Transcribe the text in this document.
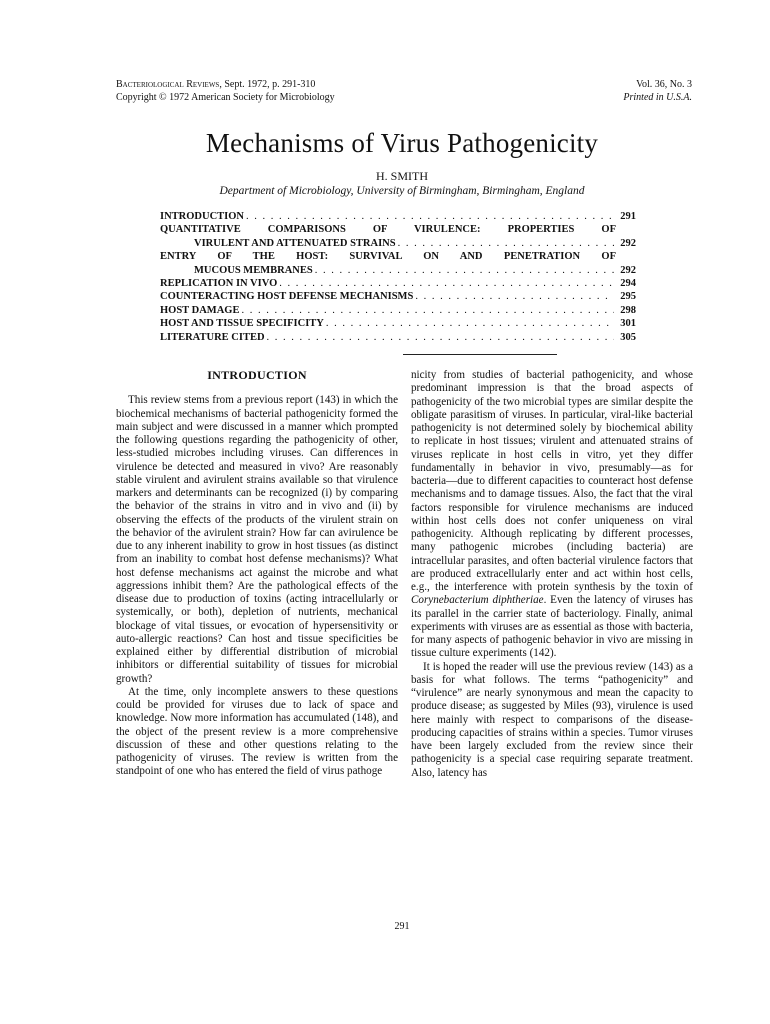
Bacteriological Reviews, Sept. 1972, p. 291-310
Copyright © 1972 American Society for Microbiology
Vol. 36, No. 3
Printed in U.S.A.
Mechanisms of Virus Pathogenicity
H. SMITH
Department of Microbiology, University of Birmingham, Birmingham, England
INTRODUCTION . . .	291
QUANTITATIVE COMPARISONS OF VIRULENCE: PROPERTIES OF
VIRULENT AND ATTENUATED STRAINS . . .	292
ENTRY OF THE HOST: SURVIVAL ON AND PENETRATION OF
MUCOUS MEMBRANES . . .	292
REPLICATION IN VIVO . . .	294
COUNTERACTING HOST DEFENSE MECHANISMS . . .	295
HOST DAMAGE . . .	298
HOST AND TISSUE SPECIFICITY . . .	301
LITERATURE CITED . . .	305
INTRODUCTION

This review stems from a previous report (143) in which the biochemical mechanisms of bacterial pathogenicity formed the main subject and were discussed in a manner which prompted the following questions regarding the pathogenicity of other, less-studied microbes including viruses. Can differences in virulence be detected and measured in vivo? Are reasonably stable virulent and avirulent strains available so that virulence markers and determinants can be recognized (i) by comparing the behavior of the strains in vitro and in vivo and (ii) by observing the effects of the products of the virulent strain on the behavior of the avirulent strain? How far can avirulence be due to any inherent inability to grow in host tissues (as distinct from an inability to combat host defense mechanisms)? What host defense mechanisms act against the microbe and what aggressions inhibit them? Are the pathological effects of the disease due to production of toxins (acting intracellularly or systemically, or both), depletion of nutrients, mechanical blockage of vital tissues, or evocation of hypersensitivity or auto-allergic reactions? Can host and tissue specificities be explained either by differential distribution of microbial inhibitors or differential suitability of tissues for microbial growth?

At the time, only incomplete answers to these questions could be provided for viruses due to lack of space and knowledge. Now more information has accumulated (148), and the object of the present review is a more comprehensive discussion of these and other questions relating to the pathogenicity of viruses. The review is written from the standpoint of one who has entered the field of virus pathoge

nicity from studies of bacterial pathogenicity, and whose predominant impression is that the broad aspects of pathogenicity of the two microbial types are similar despite the obligate parasitism of viruses. In particular, viral-like bacterial pathogenicity is not determined solely by biochemical ability to replicate in host tissues; virulent and attenuated strains of viruses replicate in host cells in vitro, yet they differ fundamentally in behavior in vivo, presumably—as for bacteria—due to different capacities to counteract host defense mechanisms and to damage tissues. Also, the fact that the viral factors responsible for virulence mechanisms are induced within host cells does not confer uniqueness on viral pathogenicity. Although replicating by different processes, many pathogenic microbes (including bacteria) are intracellular parasites, and often bacterial virulence factors that are produced extracellularly enter and act within host cells, e.g., the interference with protein synthesis by the toxin of Corynebacterium diphtheriae. Even the latency of viruses has its parallel in the carrier state of bacteriology. Finally, animal experiments with viruses are as essential as those with bacteria, for many aspects of pathogenic behavior in vivo are missing in tissue culture experiments (142).

It is hoped the reader will use the previous review (143) as a basis for what follows. The terms “pathogenicity” and “virulence” are nearly synonymous and mean the capacity to produce disease; as suggested by Miles (93), virulence is used here mainly with respect to comparisons of the disease-producing capacities of strains within a species. Tumor viruses have been largely excluded from the review since their pathogenicity is a special case requiring separate treatment. Also, latency has

291
